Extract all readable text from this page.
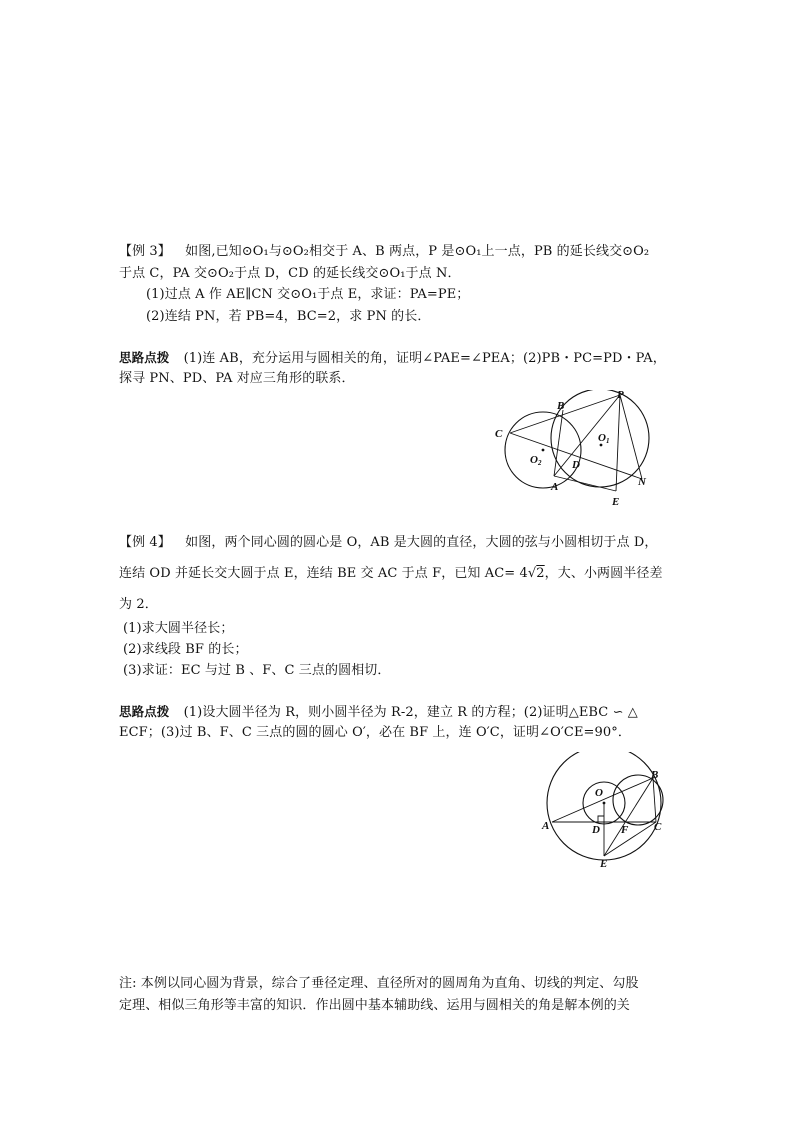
【例 3】 如图,已知⊙O₁与⊙O₂相交于 A、B 两点，P 是⊙O₁上一点，PB 的延长线交⊙O₂
于点 C，PA 交⊙O₂于点 D，CD 的延长线交⊙O₁于点 N．
(1)过点 A 作 AE∥CN 交⊙O₁于点 E，求证：PA=PE；
(2)连结 PN，若 PB=4，BC=2，求 PN 的长．
思路点拨 (1)连 AB，充分运用与圆相关的角，证明∠PAE=∠PEA；(2)PB・PC=PD・PA，
探寻 PN、PD、PA 对应三角形的联系．
B
P
C	O1
O2	D
N
A
E
【例 4】 如图，两个同心圆的圆心是 O，AB 是大圆的直径，大圆的弦与小圆相切于点 D，
连结 OD 并延长交大圆于点 E，连结 BE 交 AC 于点 F，已知 AC= 4√2，大、小两圆半径差
为 2．
(1)求大圆半径长；
(2)求线段 BF 的长；
(3)求证：EC 与过 B 、F、C 三点的圆相切．
思路点拨 (1)设大圆半径为 R，则小圆半径为 R-2，建立 R 的方程；(2)证明△EBC ∽ △
ECF；(3)过 B、F、C 三点的圆的圆心 O′，必在 BF 上，连 O′C，证明∠O′CE=90°．
O
B
A	D F C
E
注: 本例以同心圆为背景，综合了垂径定理、直径所对的圆周角为直角、切线的判定、勾股
定理、相似三角形等丰富的知识．作出圆中基本辅助线、运用与圆相关的角是解本例的关
